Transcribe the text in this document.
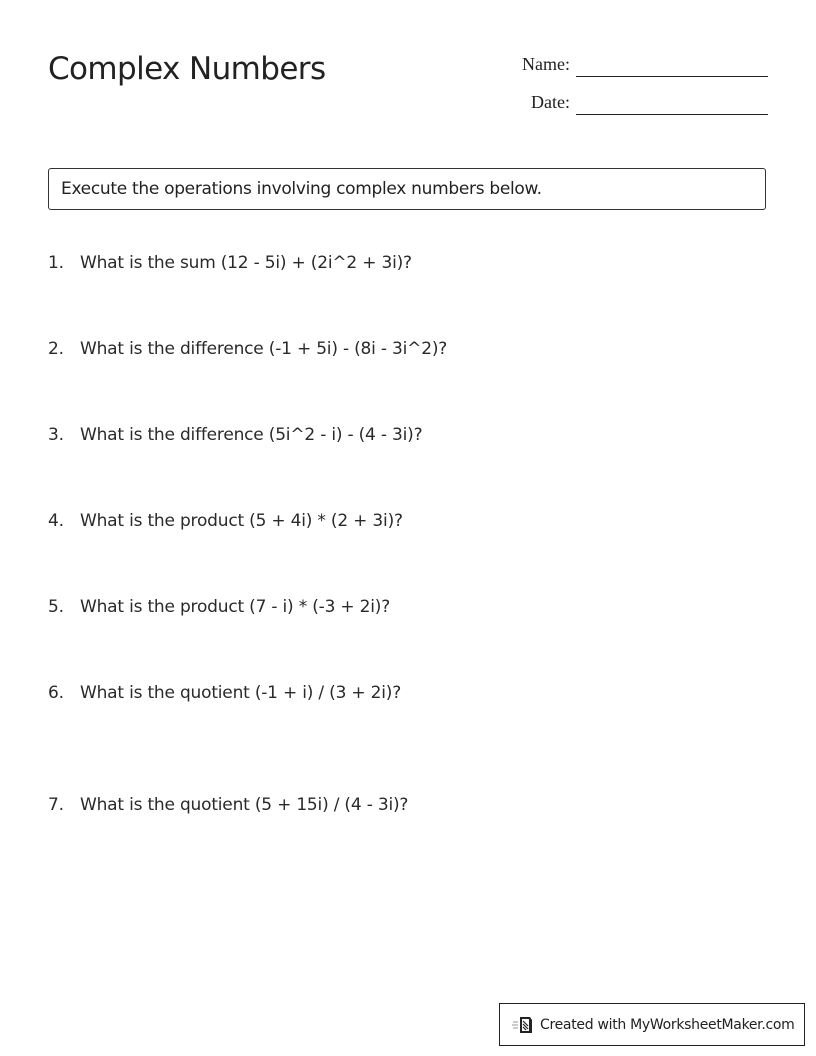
Complex Numbers	Name:
Date:
Execute the operations involving complex numbers below.
1. What is the sum (12 - 5i) + (2i^2 + 3i)?
2. What is the difference (-1 + 5i) - (8i - 3i^2)?
3. What is the difference (5i^2 - i) - (4 - 3i)?
4. What is the product (5 + 4i) * (2 + 3i)?
5. What is the product (7 - i) * (-3 + 2i)?
6. What is the quotient (-1 + i) / (3 + 2i)?
7. What is the quotient (5 + 15i) / (4 - 3i)?
Created with MyWorksheetMaker.com
